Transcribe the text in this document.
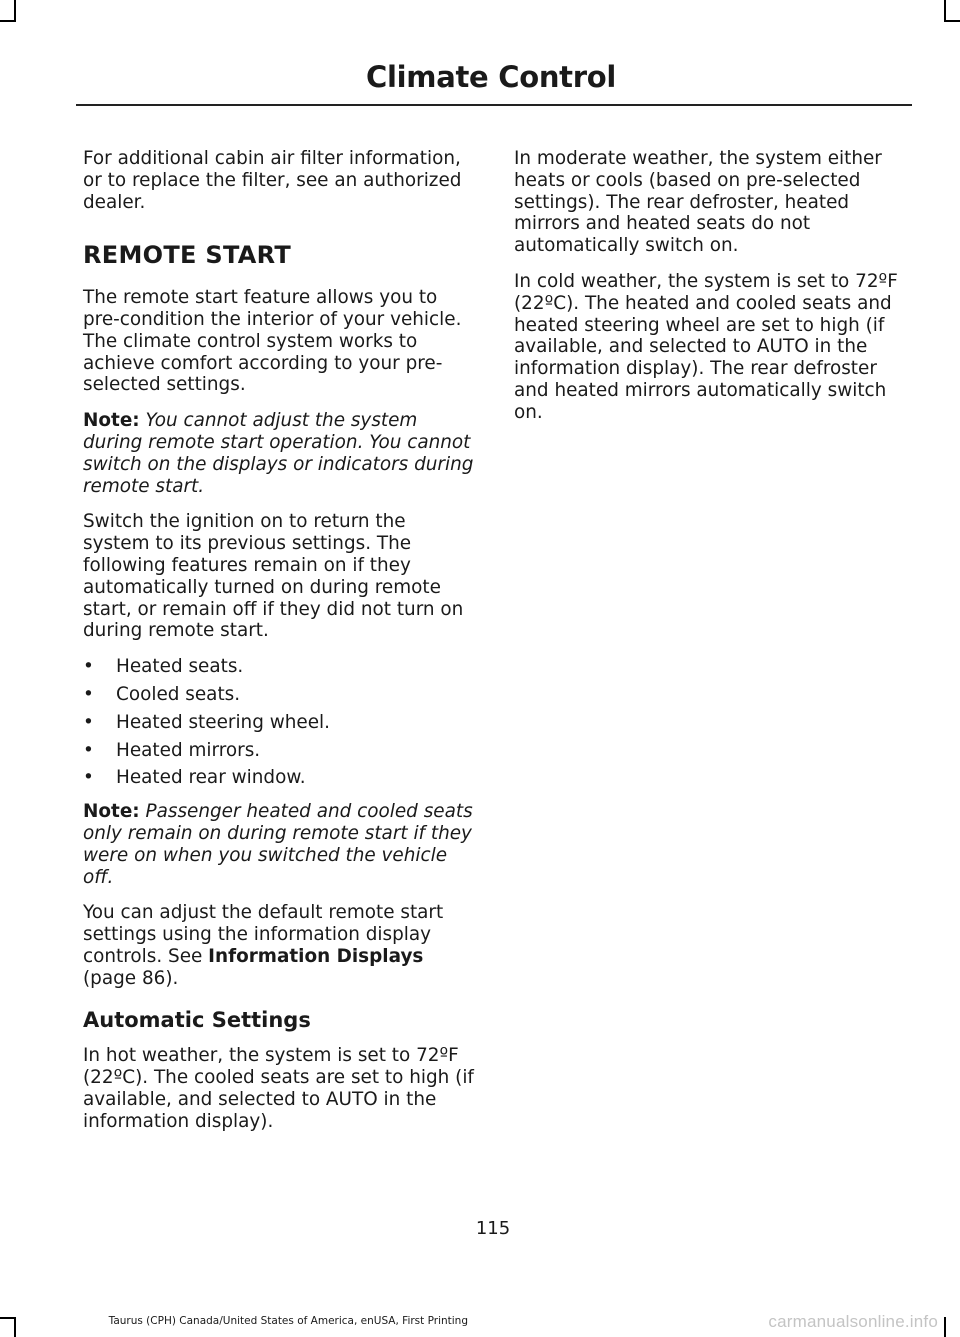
Climate Control

For additional cabin air filter information, or to replace the filter, see an authorized dealer.

REMOTE START

The remote start feature allows you to pre-condition the interior of your vehicle. The climate control system works to achieve comfort according to your pre-selected settings.

Note: You cannot adjust the system during remote start operation. You cannot switch on the displays or indicators during remote start.

Switch the ignition on to return the system to its previous settings. The following features remain on if they automatically turned on during remote start, or remain off if they did not turn on during remote start.

• Heated seats.
• Cooled seats.
• Heated steering wheel.
• Heated mirrors.
• Heated rear window.

Note: Passenger heated and cooled seats only remain on during remote start if they were on when you switched the vehicle off.

You can adjust the default remote start settings using the information display controls. See Information Displays (page 86).

Automatic Settings

In hot weather, the system is set to 72ºF (22ºC). The cooled seats are set to high (if available, and selected to AUTO in the information display).

In moderate weather, the system either heats or cools (based on pre-selected settings). The rear defroster, heated mirrors and heated seats do not automatically switch on.

In cold weather, the system is set to 72ºF (22ºC). The heated and cooled seats and heated steering wheel are set to high (if available, and selected to AUTO in the information display). The rear defroster and heated mirrors automatically switch on.

115
Taurus (CPH) Canada/United States of America, enUSA, First Printing	carmanualsonline.info
